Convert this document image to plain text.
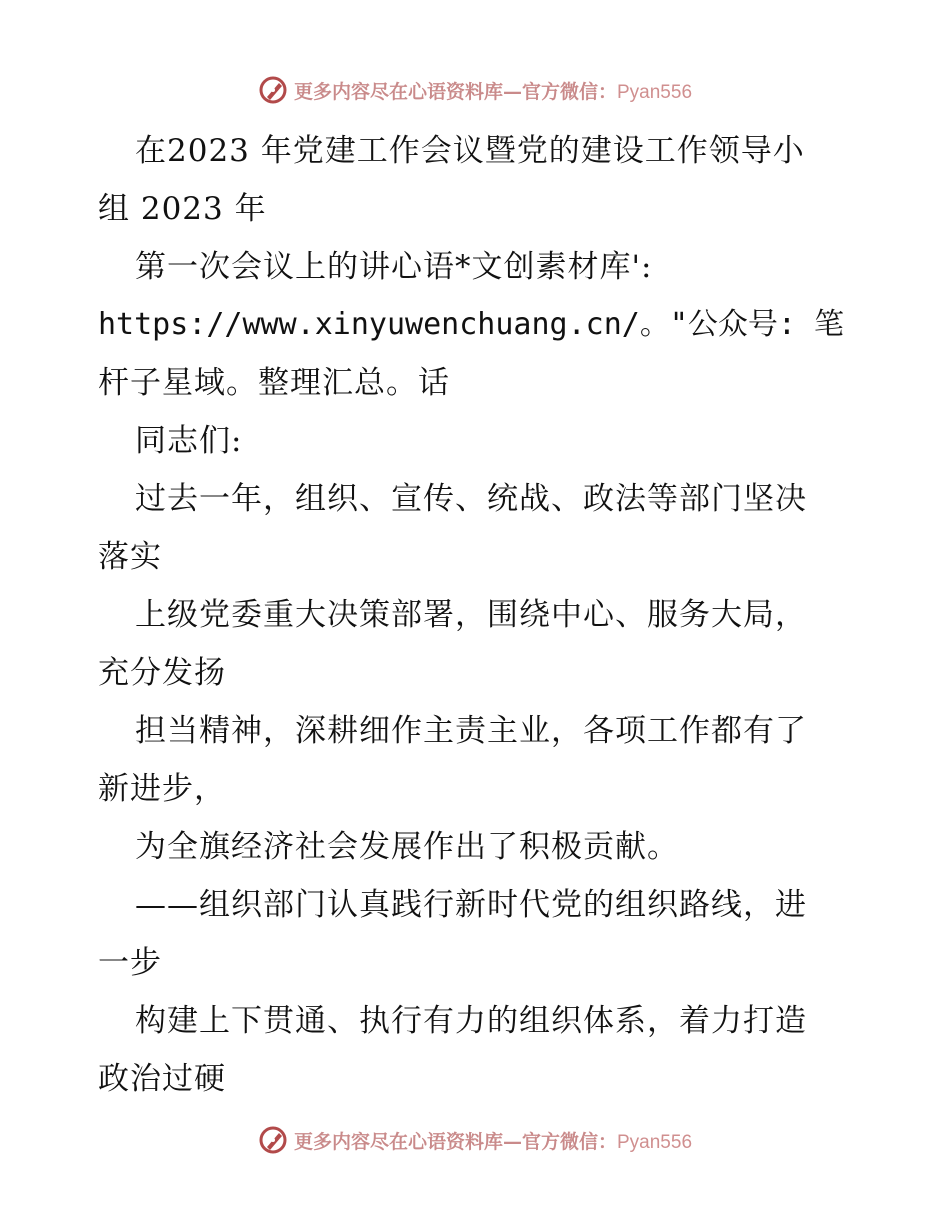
更多内容尽在心语资料库—官方微信：Pyan556
在2023 年党建工作会议暨党的建设工作领导小
组 2023 年
第一次会议上的讲心语*文创素材库':
https://www.xinyuwenchuang.cn/。"公众号: 笔
杆子星域。整理汇总。话
同志们:
过去一年，组织、宣传、统战、政法等部门坚决
落实
上级党委重大决策部署，围绕中心、服务大局，
充分发扬
担当精神，深耕细作主责主业，各项工作都有了
新进步，
为全旗经济社会发展作出了积极贡献。
——组织部门认真践行新时代党的组织路线，进
一步
构建上下贯通、执行有力的组织体系，着力打造
政治过硬
更多内容尽在心语资料库—官方微信：Pyan556
